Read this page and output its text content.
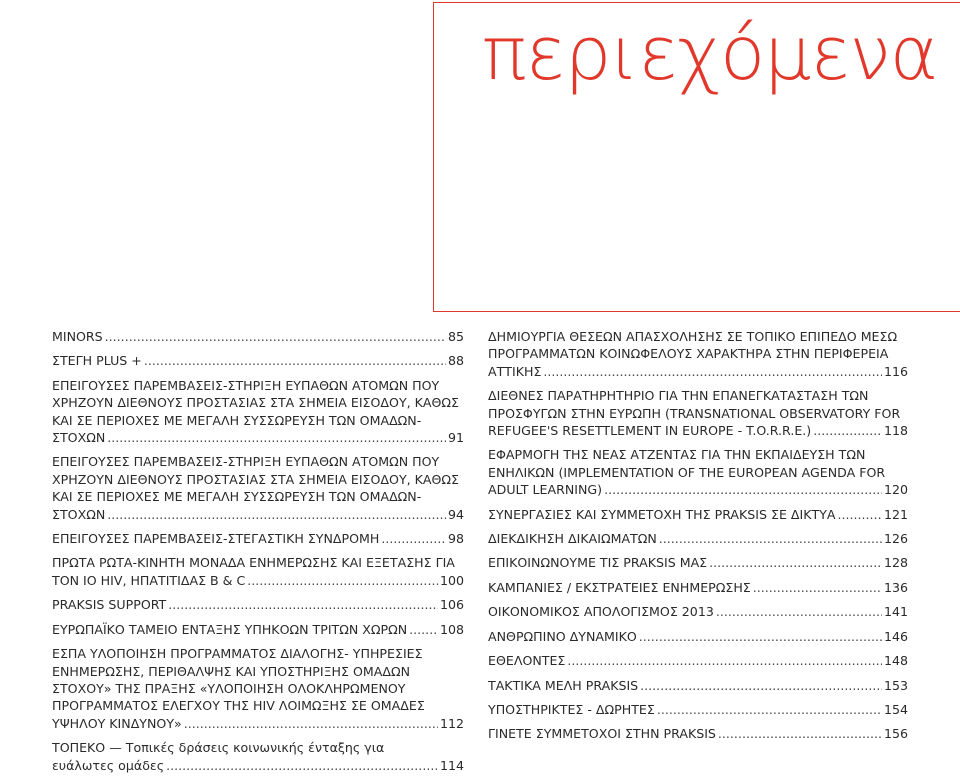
περιεχόμενα
MINORS .....	85
ΣΤΕΓΗ PLUS + .....	88
ΕΠΕΙΓΟΥΣΕΣ ΠΑΡΕΜΒΑΣΕΙΣ-ΣΤΗΡΙΞΗ ΕΥΠΑΘΩΝ ΑΤΟΜΩΝ ΠΟΥ
ΧΡΗΖΟΥΝ ΔΙΕΘΝΟΥΣ ΠΡΟΣΤΑΣΙΑΣ ΣΤΑ ΣΗΜΕΙΑ ΕΙΣΟΔΟΥ, ΚΑΘΩΣ
ΚΑΙ ΣΕ ΠΕΡΙΟΧΕΣ ΜΕ ΜΕΓΑΛΗ ΣΥΣΣΩΡΕΥΣΗ ΤΩΝ ΟΜΑΔΩΝ-
ΣΤΟΧΩΝ .....	91
ΕΠΕΙΓΟΥΣΕΣ ΠΑΡΕΜΒΑΣΕΙΣ-ΣΤΗΡΙΞΗ ΕΥΠΑΘΩΝ ΑΤΟΜΩΝ ΠΟΥ
ΧΡΗΖΟΥΝ ΔΙΕΘΝΟΥΣ ΠΡΟΣΤΑΣΙΑΣ ΣΤΑ ΣΗΜΕΙΑ ΕΙΣΟΔΟΥ, ΚΑΘΩΣ
ΚΑΙ ΣΕ ΠΕΡΙΟΧΕΣ ΜΕ ΜΕΓΑΛΗ ΣΥΣΣΩΡΕΥΣΗ ΤΩΝ ΟΜΑΔΩΝ-
ΣΤΟΧΩΝ .....	94
ΕΠΕΙΓΟΥΣΕΣ ΠΑΡΕΜΒΑΣΕΙΣ-ΣΤΕΓΑΣΤΙΚΗ ΣΥΝΔΡΟΜΗ .....	98
ΠΡΩΤΑ ΡΩΤΑ-ΚΙΝΗΤΗ ΜΟΝΑΔΑ ΕΝΗΜΕΡΩΣΗΣ ΚΑΙ ΕΞΕΤΑΣΗΣ ΓΙΑ
ΤΟΝ ΙΟ HIV, ΗΠΑΤΙΤΙΔΑΣ Β & C .....	100
PRAKSIS SUPPORT .....	106
ΕΥΡΩΠΑΪΚΟ ΤΑΜΕΙΟ ΕΝΤΑΞΗΣ ΥΠΗΚΟΩΝ ΤΡΙΤΩΝ ΧΩΡΩΝ .....	108
ΕΣΠΑ ΥΛΟΠΟΙΗΣΗ ΠΡΟΓΡΑΜΜΑΤΟΣ ΔΙΑΛΟΓΗΣ- ΥΠΗΡΕΣΙΕΣ
ΕΝΗΜΕΡΩΣΗΣ, ΠΕΡΙΘΑΛΨΗΣ ΚΑΙ ΥΠΟΣΤΗΡΙΞΗΣ ΟΜΑΔΩΝ
ΣΤΟΧΟΥ» ΤΗΣ ΠΡΑΞΗΣ «ΥΛΟΠΟΙΗΣΗ ΟΛΟΚΛΗΡΩΜΕΝΟΥ
ΠΡΟΓΡΑΜΜΑΤΟΣ ΕΛΕΓΧΟΥ ΤΗΣ HIV ΛΟΙΜΩΞΗΣ ΣΕ ΟΜΑΔΕΣ
ΥΨΗΛΟΥ ΚΙΝΔΥΝΟΥ» .....	112
ΤΟΠΕΚΟ — Τοπικές δράσεις κοινωνικής ένταξης για
ευάλωτες ομάδες .....	114
ΔΗΜΙΟΥΡΓΙΑ ΘΕΣΕΩΝ ΑΠΑΣΧΟΛΗΣΗΣ ΣΕ ΤΟΠΙΚΟ ΕΠΙΠΕΔΟ ΜΕΣΩ
ΠΡΟΓΡΑΜΜΑΤΩΝ ΚΟΙΝΩΦΕΛΟΥΣ ΧΑΡΑΚΤΗΡΑ ΣΤΗΝ ΠΕΡΙΦΕΡΕΙΑ
ΑΤΤΙΚΗΣ .....	116
ΔΙΕΘΝΕΣ ΠΑΡΑΤΗΡΗΤΗΡΙΟ ΓΙΑ ΤΗΝ ΕΠΑΝΕΓΚΑΤΑΣΤΑΣΗ ΤΩΝ
ΠΡΟΣΦΥΓΩΝ ΣΤΗΝ ΕΥΡΩΠΗ (TRANSNATIONAL OBSERVATORY FOR
REFUGEE'S RESETTLEMENT IN EUROPE - T.O.R.R.E.) .....	118
ΕΦΑΡΜΟΓΗ ΤΗΣ ΝΕΑΣ ΑΤΖΕΝΤΑΣ ΓΙΑ ΤΗΝ ΕΚΠΑΙΔΕΥΣΗ ΤΩΝ
ΕΝΗΛΙΚΩΝ (IMPLEMENTATION OF THE EUROPEAN AGENDA FOR
ADULT LEARNING) .....	120
ΣΥΝΕΡΓΑΣΙΕΣ ΚΑΙ ΣΥΜΜΕΤΟΧΗ ΤΗΣ PRAKSIS ΣΕ ΔΙΚΤΥΑ .....	121
ΔΙΕΚΔΙΚΗΣΗ ΔΙΚΑΙΩΜΑΤΩΝ .....	126
ΕΠΙΚΟΙΝΩΝΟΥΜΕ ΤΙΣ PRAKSIS ΜΑΣ .....	128
ΚΑΜΠΑΝΙΕΣ / ΕΚΣΤΡΑΤΕΙΕΣ ΕΝΗΜΕΡΩΣΗΣ .....	136
ΟΙΚΟΝΟΜΙΚΟΣ ΑΠΟΛΟΓΙΣΜΟΣ 2013 .....	141
ΑΝΘΡΩΠΙΝΟ ΔΥΝΑΜΙΚΟ .....	146
ΕΘΕΛΟΝΤΕΣ .....	148
ΤΑΚΤΙΚΑ ΜΕΛΗ PRAKSIS .....	153
ΥΠΟΣΤΗΡΙΚΤΕΣ - ΔΩΡΗΤΕΣ .....	154
ΓΙΝΕΤΕ ΣΥΜΜΕΤΟΧΟΙ ΣΤΗΝ PRAKSIS .....	156
